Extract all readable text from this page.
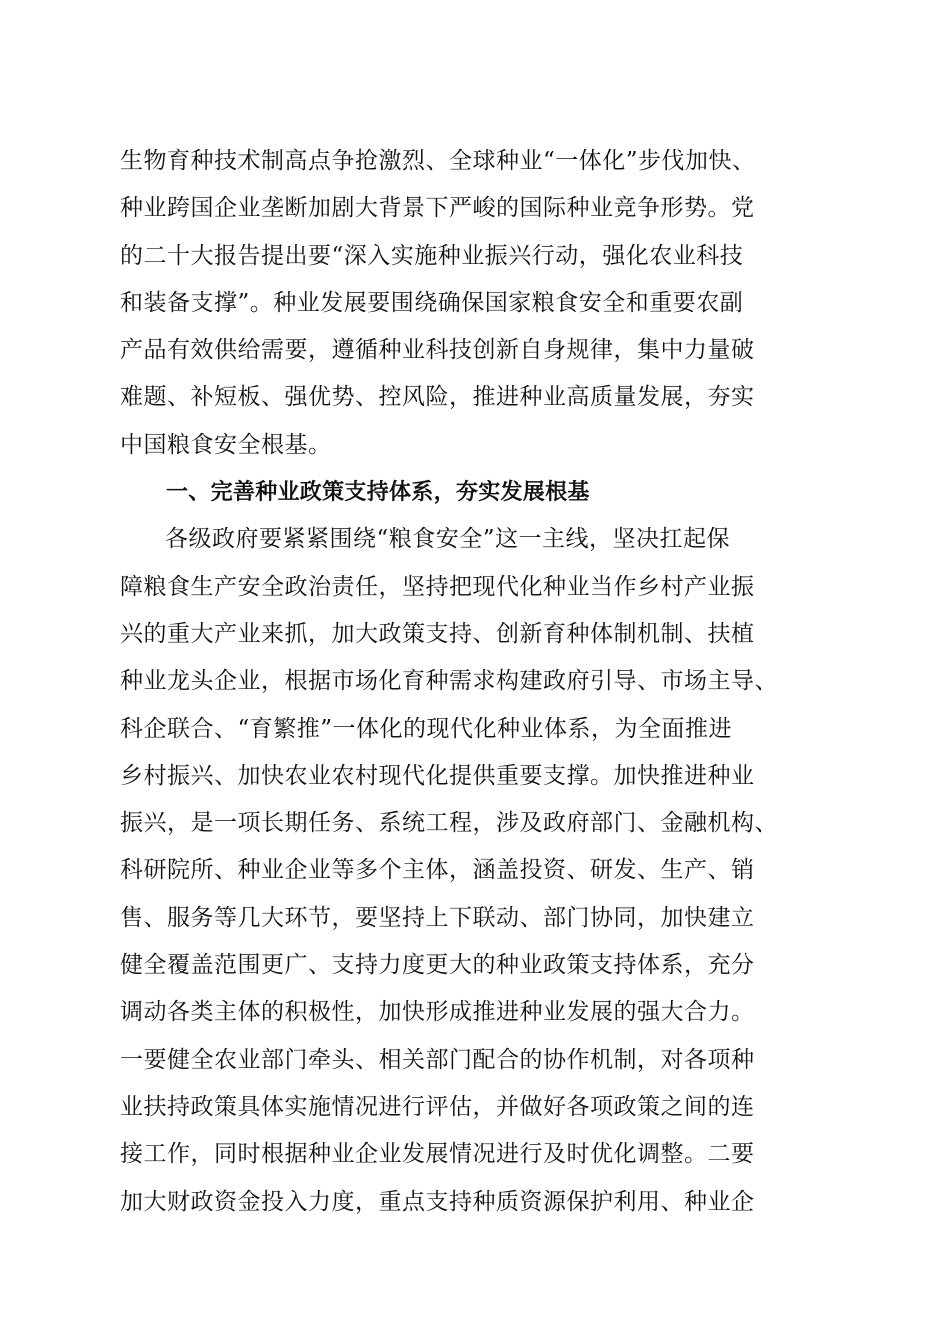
生物育种技术制高点争抢激烈、全球种业“一体化”步伐加快、

种业跨国企业垄断加剧大背景下严峻的国际种业竞争形势。党

的二十大报告提出要“深入实施种业振兴行动，强化农业科技

和装备支撑”。种业发展要围绕确保国家粮食安全和重要农副

产品有效供给需要，遵循种业科技创新自身规律，集中力量破

难题、补短板、强优势、控风险，推进种业高质量发展，夯实

中国粮食安全根基。

一、完善种业政策支持体系，夯实发展根基

各级政府要紧紧围绕“粮食安全”这一主线，坚决扛起保

障粮食生产安全政治责任，坚持把现代化种业当作乡村产业振

兴的重大产业来抓，加大政策支持、创新育种体制机制、扶植

种业龙头企业，根据市场化育种需求构建政府引导、市场主导、

科企联合、“育繁推”一体化的现代化种业体系，为全面推进

乡村振兴、加快农业农村现代化提供重要支撑。加快推进种业

振兴，是一项长期任务、系统工程，涉及政府部门、金融机构、

科研院所、种业企业等多个主体，涵盖投资、研发、生产、销

售、服务等几大环节，要坚持上下联动、部门协同，加快建立

健全覆盖范围更广、支持力度更大的种业政策支持体系，充分

调动各类主体的积极性，加快形成推进种业发展的强大合力。

一要健全农业部门牵头、相关部门配合的协作机制，对各项种

业扶持政策具体实施情况进行评估，并做好各项政策之间的连

接工作，同时根据种业企业发展情况进行及时优化调整。二要

加大财政资金投入力度，重点支持种质资源保护利用、种业企
